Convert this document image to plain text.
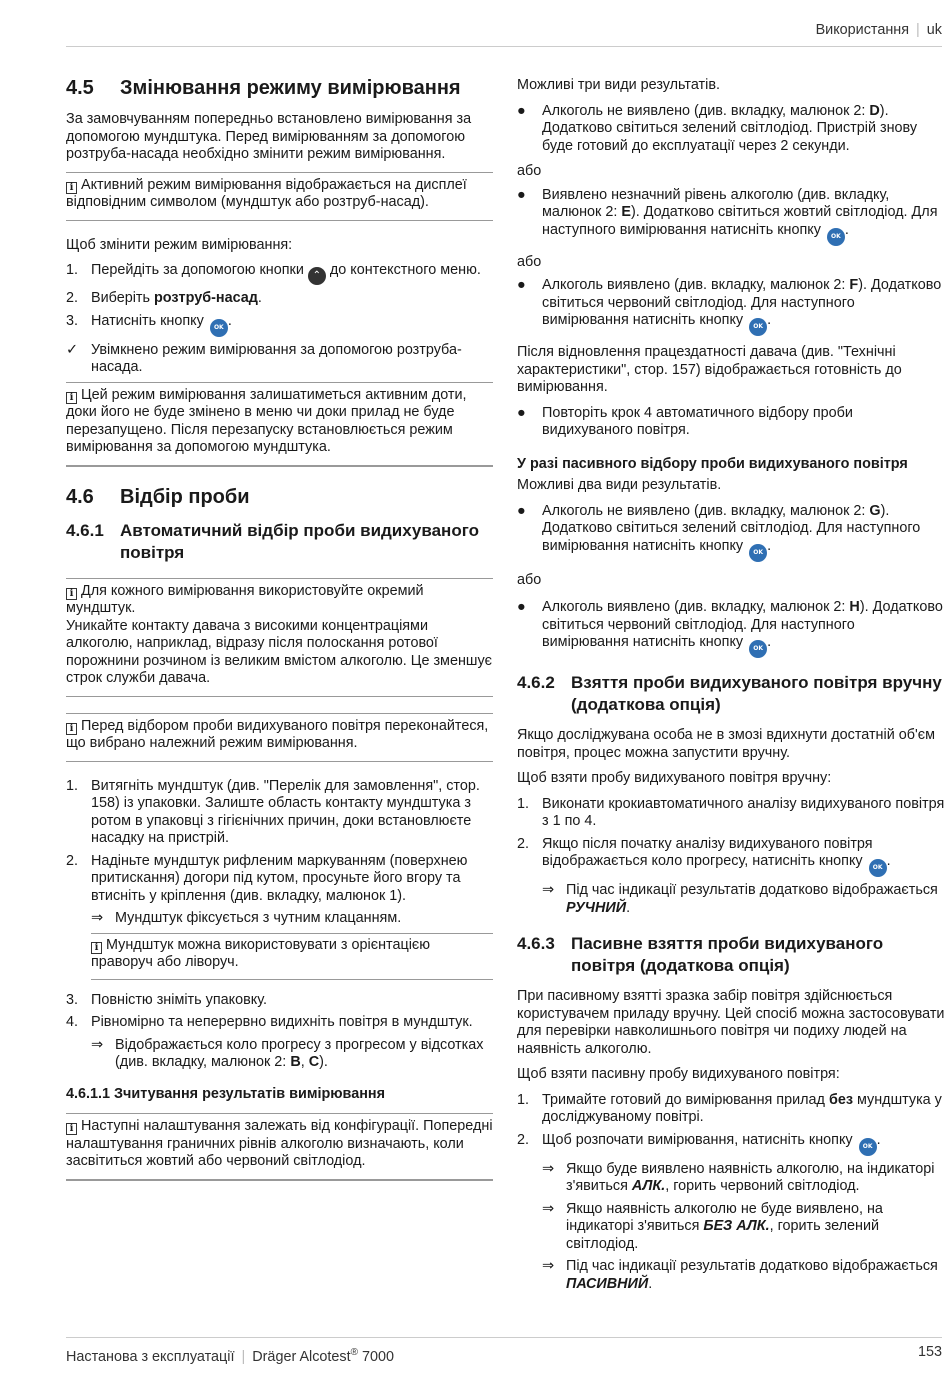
Використання | uk
4.5	Змінювання режиму вимірювання

За замовчуванням попередньо встановлено вимірювання за допомогою мундштука. Перед вимірюванням за допомогою розтруба-насада необхідно змінити режим вимірювання.

i Активний режим вимірювання відображається на дисплеї відповідним символом (мундштук або розтруб-насад).

Щоб змінити режим вимірювання:

1. Перейдіть за допомогою кнопки ⌃ до контекстного меню.
2. Виберіть розтруб-насад.
3. Натисніть кнопку OK .
✓ Увімкнено режим вимірювання за допомогою розтруба-насада.
i Цей режим вимірювання залишатиметься активним доти, доки його не буде змінено в меню чи доки прилад не буде перезапущено. Після перезапуску встановлюється режим вимірювання за допомогою мундштука.
4.6	Відбір проби
4.6.1 Автоматичний відбір проби видихуваного повітря
i Для кожного вимірювання використовуйте окремий мундштук.
Уникайте контакту давача з високими концентраціями алкоголю, наприклад, відразу після полоскання ротової порожнини розчином із великим вмістом алкоголю. Це зменшує строк служби давача.
i Перед відбором проби видихуваного повітря переконайтеся, що вибрано належний режим вимірювання.
1. Витягніть мундштук (див. "Перелік для замовлення", стор. 158) із упаковки. Залиште область контакту мундштука з ротом в упаковці з гігієнічних причин, доки встановлюєте насадку на пристрій.
2. Надіньте мундштук рифленим маркуванням (поверхнею притискання) догори під кутом, просуньте його вгору та втисніть у кріплення (див. вкладку, малюнок 1).
⇒ Мундштук фіксується з чутним клацанням.
i Мундштук можна використовувати з орієнтацією праворуч або ліворуч.
3. Повністю зніміть упаковку.
4. Рівномірно та неперервно видихніть повітря в мундштук.
⇒ Відображається коло прогресу з прогресом у відсотках (див. вкладку, малюнок 2: B, C).
4.6.1.1 Зчитування результатів вимірювання
i Наступні налаштування залежать від конфігурації. Попередні налаштування граничних рівнів алкоголю визначають, коли засвітиться жовтий або червоний світлодіод.

Можливі три види результатів.

●	Алкоголь не виявлено (див. вкладку, малюнок 2: D). Додатково світиться зелений світлодіод. Пристрій знову буде готовий до експлуатації через 2 секунди.

або

●	Виявлено незначний рівень алкоголю (див. вкладку, малюнок 2: E). Додатково світиться жовтий світлодіод. Для наступного вимірювання натисніть кнопку OK .

або

●	Алкоголь виявлено (див. вкладку, малюнок 2: F). Додатково світиться червоний світлодіод. Для наступного вимірювання натисніть кнопку OK .

Після відновлення працездатності давача (див. "Технічні характеристики", стор. 157) відображається готовність до вимірювання.

●	Повторіть крок 4 автоматичного відбору проби видихуваного повітря.
У разі пасивного відбору проби видихуваного повітря

Можливі два види результатів.

●	Алкоголь не виявлено (див. вкладку, малюнок 2: G). Додатково світиться зелений світлодіод. Для наступного вимірювання натисніть кнопку OK .

або

●	Алкоголь виявлено (див. вкладку, малюнок 2: H). Додатково світиться червоний світлодіод. Для наступного вимірювання натисніть кнопку OK .
4.6.2 Взяття проби видихуваного повітря вручну (додаткова опція)

Якщо досліджувана особа не в змозі вдихнути достатній об'єм повітря, процес можна запустити вручну.

Щоб взяти пробу видихуваного повітря вручну:

1. Виконати крокиавтоматичного аналізу видихуваного повітря з 1 по 4.
2. Якщо після початку аналізу видихуваного повітря відображається коло прогресу, натисніть кнопку OK .
⇒ Під час індикації результатів додатково відображається РУЧНИЙ.
4.6.3 Пасивне взяття проби видихуваного повітря (додаткова опція)

При пасивному взятті зразка забір повітря здійснюється користувачем приладу вручну. Цей спосіб можна застосовувати для перевірки навколишнього повітря чи подиху людей на наявність алкоголю.

Щоб взяти пасивну пробу видихуваного повітря:

1. Тримайте готовий до вимірювання прилад без мундштука у досліджуваному повітрі.
2. Щоб розпочати вимірювання, натисніть кнопку OK .
⇒ Якщо буде виявлено наявність алкоголю, на індикаторі з'явиться АЛК., горить червоний світлодіод.
⇒ Якщо наявність алкоголю не буде виявлено, на індикаторі з'явиться БЕЗ АЛК., горить зелений світлодіод.
⇒ Під час індикації результатів додатково відображається ПАСИВНИЙ.
Настанова з експлуатації | Dräger Alcotest® 7000	153
